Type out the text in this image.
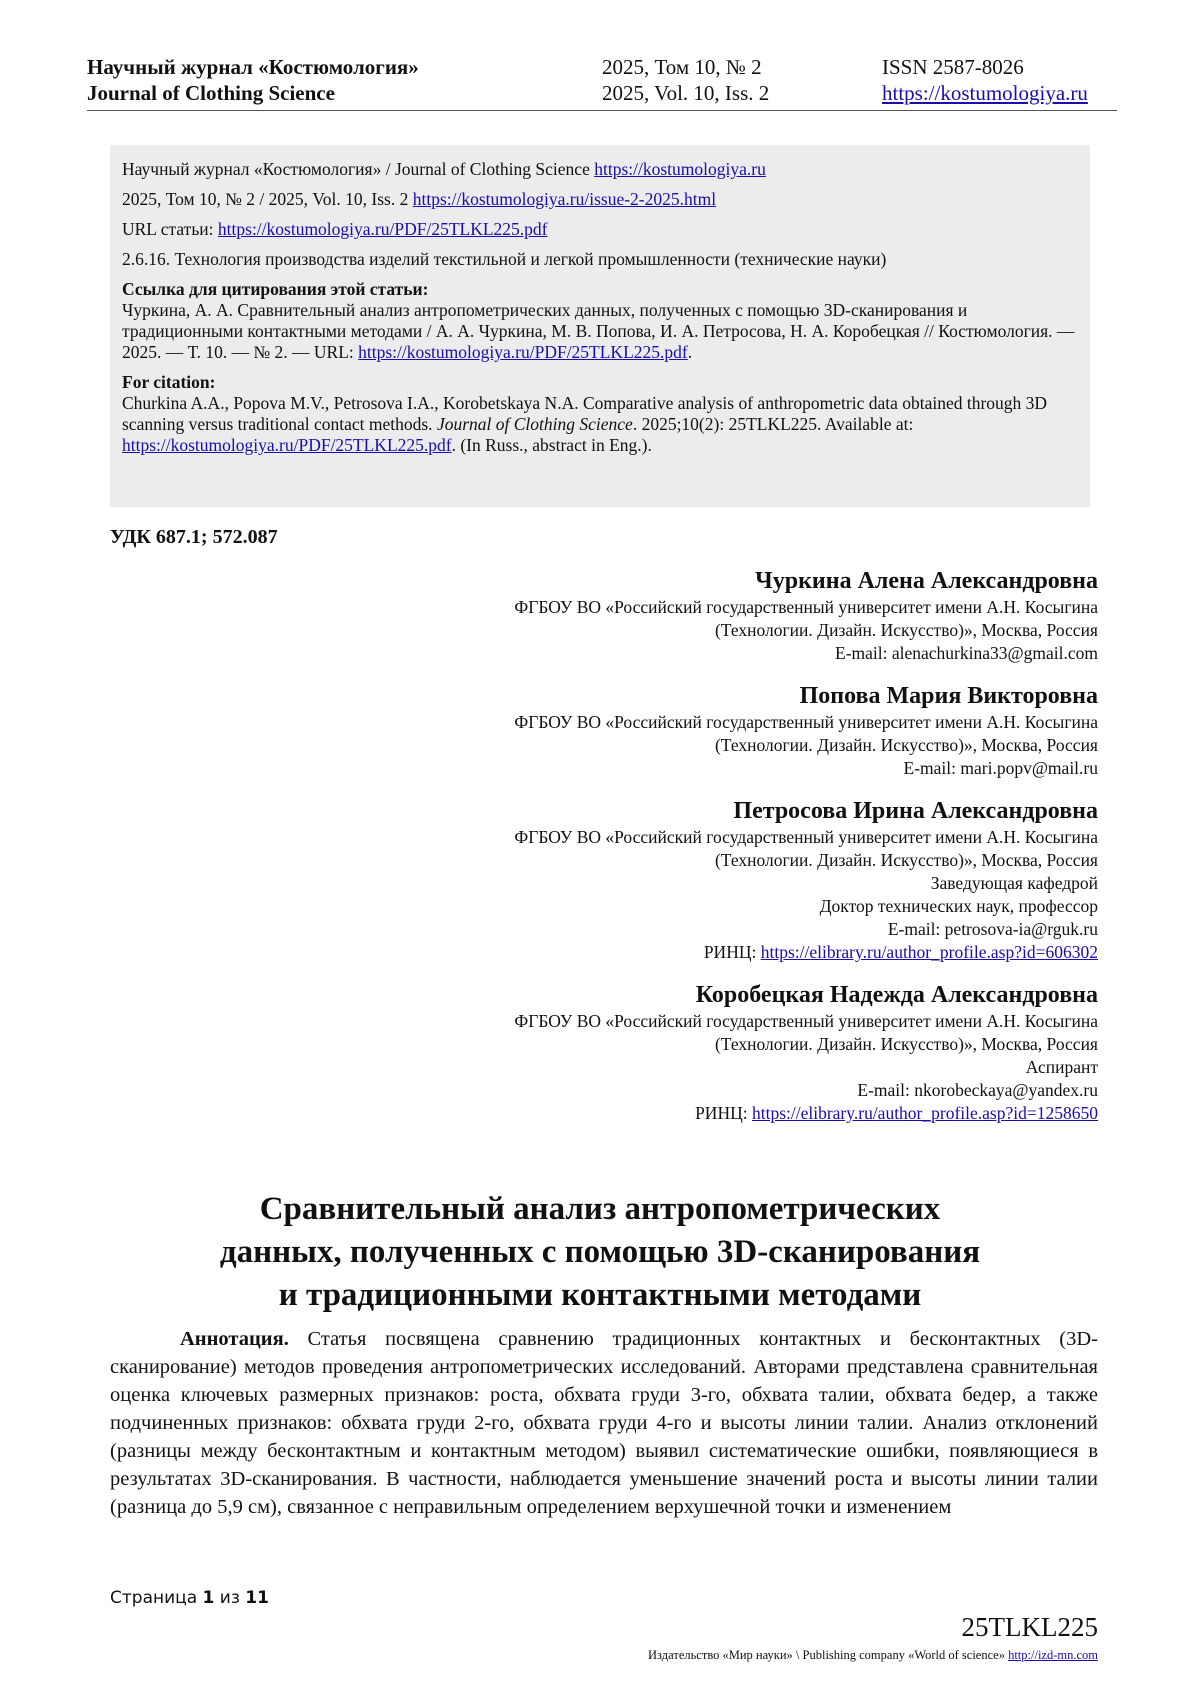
Научный журнал «Костюмология»
Journal of Clothing Science
2025, Том 10, № 2
2025, Vol. 10, Iss. 2
ISSN 2587-8026
https://kostumologiya.ru

Научный журнал «Костюмология» / Journal of Clothing Science https://kostumologiya.ru

2025, Том 10, № 2 / 2025, Vol. 10, Iss. 2 https://kostumologiya.ru/issue-2-2025.html

URL статьи: https://kostumologiya.ru/PDF/25TLKL225.pdf

2.6.16. Технология производства изделий текстильной и легкой промышленности (технические науки)

Ссылка для цитирования этой статьи:

Чуркина, А. А. Сравнительный анализ антропометрических данных, полученных с помощью 3D-сканирования и традиционными контактными методами / А. А. Чуркина, М. В. Попова, И. А. Петросова, Н. А. Коробецкая // Костюмология. — 2025. — Т. 10. — № 2. — URL: https://kostumologiya.ru/PDF/25TLKL225.pdf.

For citation:

Churkina A.A., Popova M.V., Petrosova I.A., Korobetskaya N.A. Comparative analysis of anthropometric data obtained through 3D scanning versus traditional contact methods. Journal of Clothing Science. 2025;10(2): 25TLKL225. Available at: https://kostumologiya.ru/PDF/25TLKL225.pdf. (In Russ., abstract in Eng.).

УДК 687.1; 572.087
Чуркина Алена Александровна
ФГБОУ ВО «Российский государственный университет имени А.Н. Косыгина
(Технологии. Дизайн. Искусство)», Москва, Россия
E-mail: alenachurkina33@gmail.com
Попова Мария Викторовна
ФГБОУ ВО «Российский государственный университет имени А.Н. Косыгина
(Технологии. Дизайн. Искусство)», Москва, Россия
E-mail: mari.popv@mail.ru
Петросова Ирина Александровна
ФГБОУ ВО «Российский государственный университет имени А.Н. Косыгина
(Технологии. Дизайн. Искусство)», Москва, Россия
Заведующая кафедрой
Доктор технических наук, профессор
E-mail: petrosova-ia@rguk.ru
РИНЦ: https://elibrary.ru/author_profile.asp?id=606302
Коробецкая Надежда Александровна
ФГБОУ ВО «Российский государственный университет имени А.Н. Косыгина
(Технологии. Дизайн. Искусство)», Москва, Россия
Аспирант
E-mail: nkorobeckaya@yandex.ru
РИНЦ: https://elibrary.ru/author_profile.asp?id=1258650
Сравнительный анализ антропометрических
данных, полученных с помощью 3D-сканирования
и традиционными контактными методами
Аннотация. Статья посвящена сравнению традиционных контактных и бесконтактных (3D-сканирование) методов проведения антропометрических исследований. Авторами представлена сравнительная оценка ключевых размерных признаков: роста, обхвата груди 3-го, обхвата талии, обхвата бедер, а также подчиненных признаков: обхвата груди 2-го, обхвата груди 4-го и высоты линии талии. Анализ отклонений (разницы между бесконтактным и контактным методом) выявил систематические ошибки, появляющиеся в результатах 3D-сканирования. В частности, наблюдается уменьшение значений роста и высоты линии талии (разница до 5,9 см), связанное с неправильным определением верхушечной точки и изменением
Страница 1 из 11
25TLKL225
Издательство «Мир науки» \ Publishing company «World of science» http://izd-mn.com
